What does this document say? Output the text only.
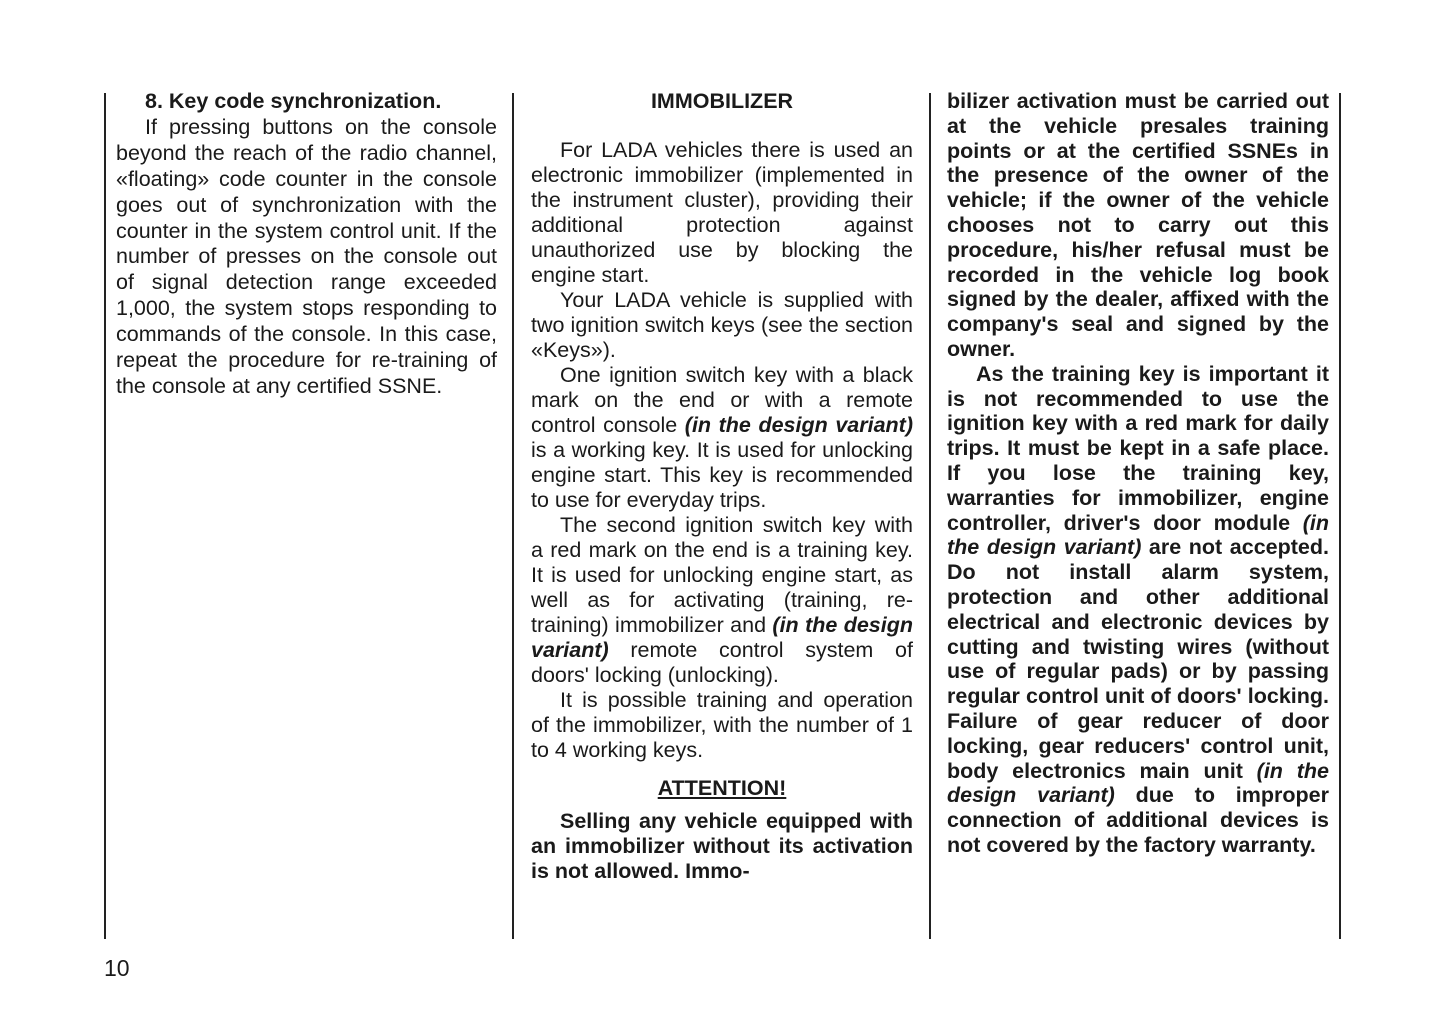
8. Key code synchronization.

If pressing buttons on the console beyond the reach of the radio channel, «floating» code counter in the console goes out of synchronization with the counter in the system control unit. If the number of presses on the console out of signal detection range exceeded 1,000, the system stops responding to commands of the console. In this case, repeat the procedure for re-training of the console at any certified SSNE.

IMMOBILIZER

For LADA vehicles there is used an electronic immobilizer (implemented in the instrument cluster), providing their additional protection against unauthorized use by blocking the engine start.

Your LADA vehicle is supplied with two ignition switch keys (see the section «Keys»).

One ignition switch key with a black mark on the end or with a remote control console (in the design variant) is a working key. It is used for unlocking engine start. This key is recommended to use for everyday trips.

The second ignition switch key with a red mark on the end is a training key. It is used for unlocking engine start, as well as for activating (training, re-training) immobilizer and (in the design variant) remote control system of doors' locking (unlocking).

It is possible training and operation of the immobilizer, with the number of 1 to 4 working keys.

ATTENTION!

Selling any vehicle equipped with an immobilizer without its activation is not allowed. Immo-

bilizer activation must be carried out at the vehicle presales training points or at the certified SSNEs in the presence of the owner of the vehicle; if the owner of the vehicle chooses not to carry out this procedure, his/her refusal must be recorded in the vehicle log book signed by the dealer, affixed with the company's seal and signed by the owner.

As the training key is important it is not recommended to use the ignition key with a red mark for daily trips. It must be kept in a safe place. If you lose the training key, warranties for immobilizer, engine controller, driver's door module (in the design variant) are not accepted. Do not install alarm system, protection and other additional electrical and electronic devices by cutting and twisting wires (without use of regular pads) or by passing regular control unit of doors' locking. Failure of gear reducer of door locking, gear reducers' control unit, body electronics main unit (in the design variant) due to improper connection of additional devices is not covered by the factory warranty.

10
